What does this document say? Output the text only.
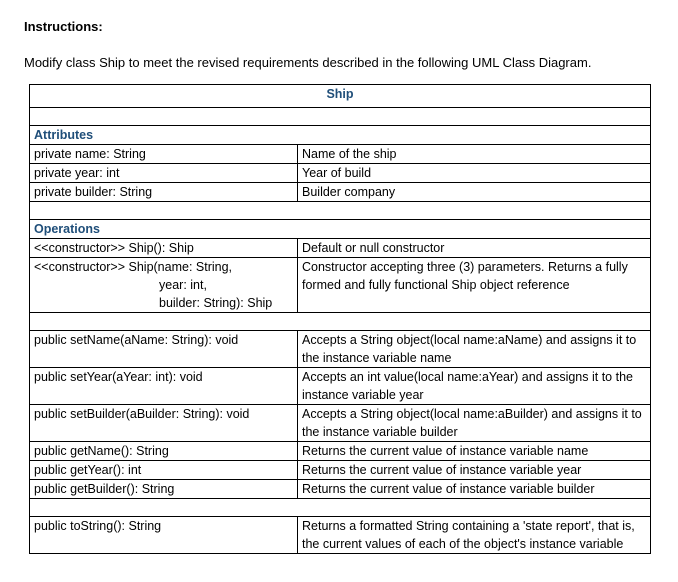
Instructions:
Modify class Ship to meet the revised requirements described in the following UML Class Diagram.
Ship	

Attributes	
private name: String	Name of the ship
private year: int	Year of build
private builder: String	Builder company

Operations	
<<constructor>> Ship(): Ship	Default or null constructor

<<constructor>> Ship(name: String,
year: int,
builder: String): Ship	Constructor accepting three (3) parameters. Returns a fully formed and fully functional Ship object reference

public setName(aName: String): void	Accepts a String object(local name:aName) and assigns it to the instance variable name
public setYear(aYear: int): void	Accepts an int value(local name:aYear) and assigns it to the instance variable year
public setBuilder(aBuilder: String): void	Accepts a String object(local name:aBuilder) and assigns it to the instance variable builder
public getName(): String	Returns the current value of instance variable name
public getYear(): int	Returns the current value of instance variable year
public getBuilder(): String	Returns the current value of instance variable builder

public toString(): String	Returns a formatted String containing a 'state report', that is, the current values of each of the object's instance variable
